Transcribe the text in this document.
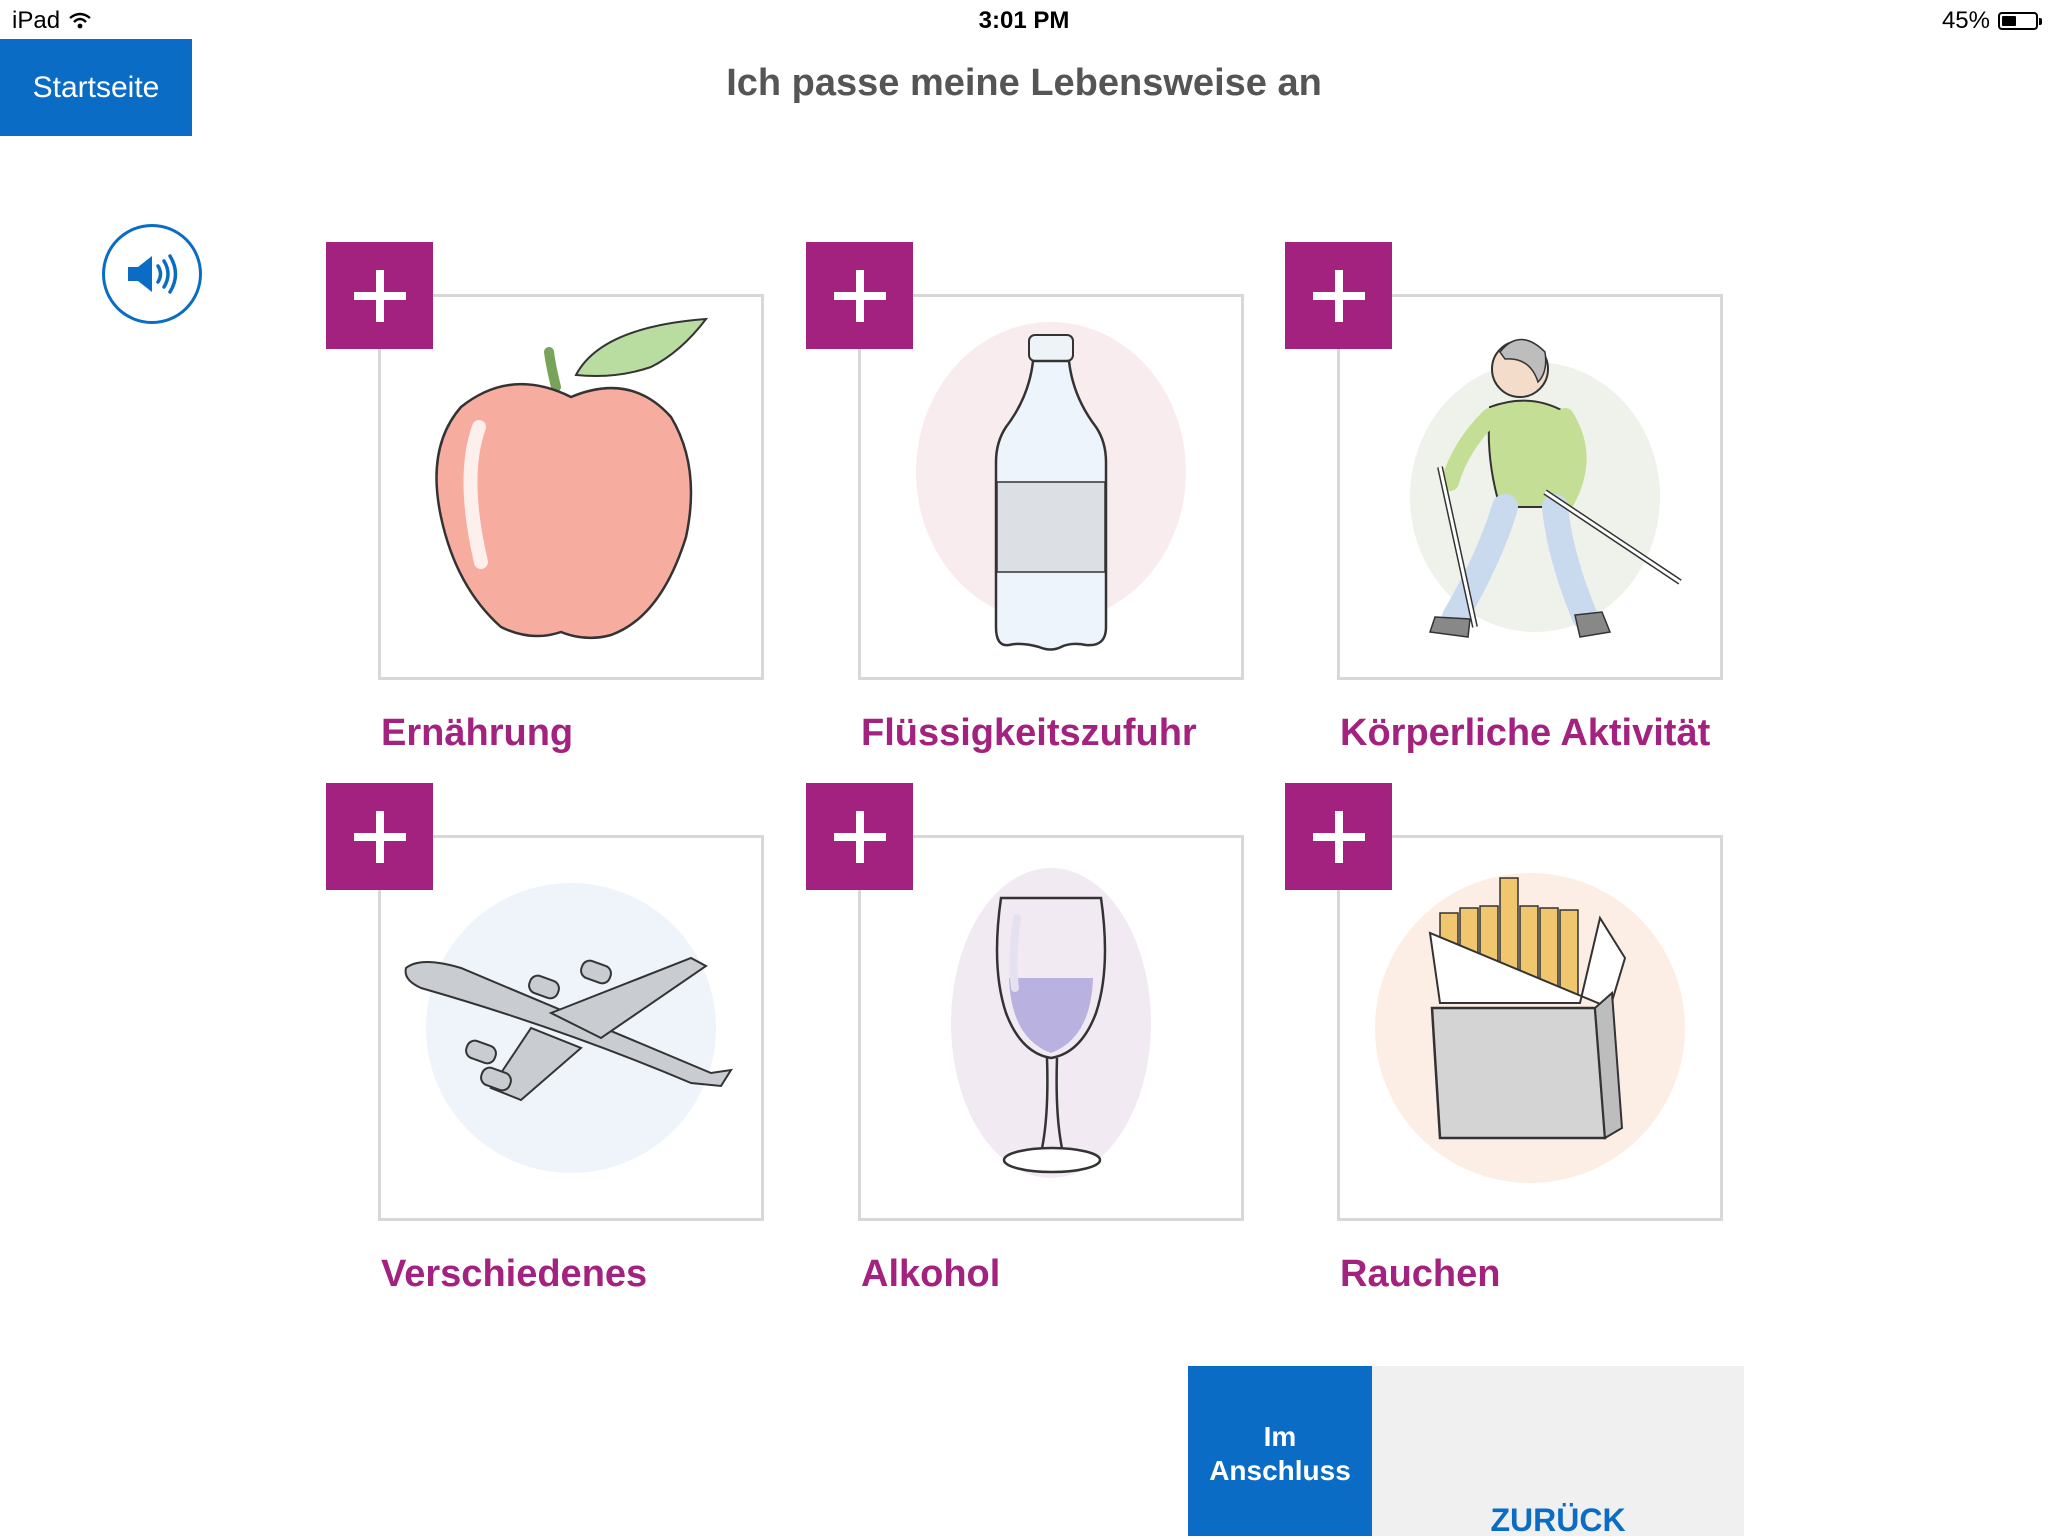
iPad	3:01 PM	45%
Startseite	Ich passe meine Lebensweise an
Ernährung	Flüssigkeitszufuhr	Körperliche Aktivität
Verschiedenes	Alkohol	Rauchen
Im Anschluss
ZURÜCK
